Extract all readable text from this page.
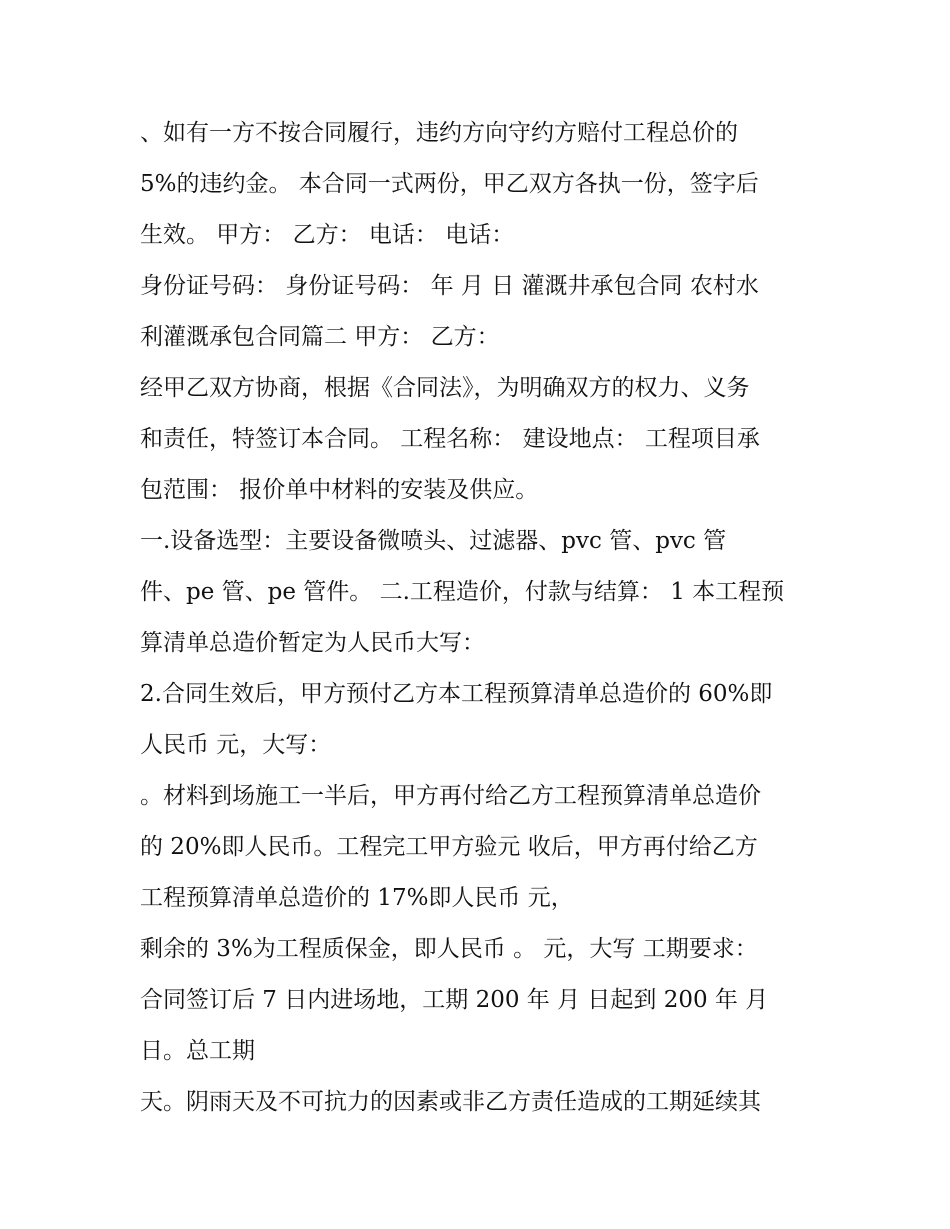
、如有一方不按合同履行，违约方向守约方赔付工程总价的

5%的违约金。 本合同一式两份，甲乙双方各执一份，签字后

生效。 甲方： 乙方： 电话： 电话：

身份证号码： 身份证号码： 年 月 日 灌溉井承包合同 农村水

利灌溉承包合同篇二 甲方： 乙方：

经甲乙双方协商，根据《合同法》，为明确双方的权力、义务

和责任，特签订本合同。 工程名称： 建设地点： 工程项目承

包范围： 报价单中材料的安装及供应。

一.设备选型：主要设备微喷头、过滤器、pvc 管、pvc 管

件、pe 管、pe 管件。 二.工程造价，付款与结算： 1 本工程预

算清单总造价暂定为人民币大写：

2.合同生效后，甲方预付乙方本工程预算清单总造价的 60%即

人民币 元，大写：

。材料到场施工一半后，甲方再付给乙方工程预算清单总造价

的 20%即人民币。工程完工甲方验元 收后，甲方再付给乙方

工程预算清单总造价的 17%即人民币 元，

剩余的 3%为工程质保金，即人民币 。 元，大写 工期要求：

合同签订后 7 日内进场地，工期 200 年 月 日起到 200 年 月

日。总工期

天。阴雨天及不可抗力的因素或非乙方责任造成的工期延续其
